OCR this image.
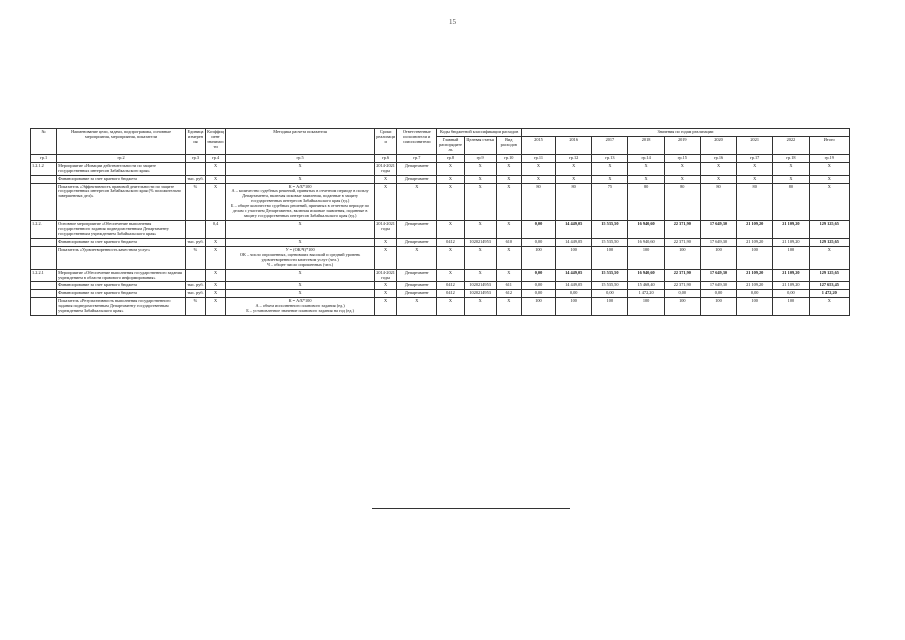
15
№	Наименование цели, задачи, подпрограммы, основные мероприятия, мероприятия, показатели	Единица измерения	Коэффициент значимости	Методика расчета показателя	Сроки реализации	Ответственные исполнители и соисполнители	Коды бюджетной классификации расходов			Значения по годам реализации								
							Главный распорядитель	Целевая статья	Вид расходов	2015	2016	2017	2018	2019	2020	2021	2022	Итого
гр.1	гр.2	гр.3	гр.4	гр.5	гр.6	гр.7	гр.8	гр.9	гр.10	гр.11	гр.12	гр.13	гр.14	гр.15	гр.16	гр.17	гр.18	гр.19
1.2.1.2	Мероприятие «Новации действительности по защите государственных интересов Забайкальского края»		Х	Х	2014-2021 годы	Департамент	Х	Х	Х	Х	Х	Х	Х	Х	Х	Х	Х	Х
	Финансирование за счет краевого бюджета	тыс. руб.	Х	Х	Х	Департамент	Х	Х	Х	Х	Х	Х	Х	Х	Х	Х	Х	Х
	Показатель «Эффективность правовой деятельности по защите государственных интересов Забайкальского края (% положительно завершенных дел)»	%	Х	К = А/Б*100
А – количество судебных решений, принятых в отчетном периоде в пользу Департамента, включая исковые заявления, поданные в защиту государственных интересов Забайкальского края (ед.)
Б – общее количество судебных решений, принятых в отчетном периоде по делам с участием Департамента, включая исковые заявления, поданные в защиту государственных интересов Забайкальского края (ед.)	Х	Х	Х	Х	Х	80	80	75	80	80	80	80	80	Х
1.2.2.	Основное мероприятие «Обеспечение выполнения государственного задания подведомственным Департаменту государственным учреждением Забайкальского края»		0,4	Х	2014-2021 годы	Департамент	Х	Х	Х	0,00	14 449,05	15 535,50	16 940,60	22 371,90	17 649,30	21 109,20	21 109,20	129 125,65
	Финансирование за счет краевого бюджета	тыс. руб.	Х	Х	Х	Департамент	0412	1020214953	610	0,00	14 449,05	15 535,50	16 940,60	22 371,90	17 649,30	21 109,20	21 109,20	129 125,65
	Показатель «Удовлетворенность качеством услуг»	%	Х	У = (ОК/Ч)*100
ОК – число опрошенных, оценивших высокий и средний уровень удовлетворенности качеством услуг (чел.)
Ч – общее число опрошенных (чел.)	Х	Х	Х	Х	Х	100	100	100	100	100	100	100	100	Х
1.2.2.1	Мероприятие «Обеспечение выполнения государственного задания учреждением в области правового информирования»		Х	Х	2014-2021 годы	Департамент	Х	Х	Х	0,00	14 449,05	15 535,50	16 940,60	22 371,90	17 649,30	21 109,20	21 109,20	129 125,65
	Финансирование за счет краевого бюджета	тыс. руб.	Х	Х	Х	Департамент	0412	1020214953	611	0,00	14 449,05	15 535,50	15 468,40	22 371,90	17 649,30	21 109,20	21 109,20	127 653,45
	Финансирование за счет краевого бюджета	тыс. руб.	Х	Х	Х	Департамент	0412	1020214953	612	0,00	0,00	0,00	1 472,20	0,00	0,00	0,00	0,00	1 472,20
	Показатель «Результативность выполнения государственного задания подведомственным Департаменту государственным учреждением Забайкальского края»	%	Х	К = А/Б*100
А – объем исполненного планового задания (ед.)
Б – установленное значение планового задания на год (ед.)	Х	Х	Х	Х	Х	100	100	100	100	100	100	100	100	Х
